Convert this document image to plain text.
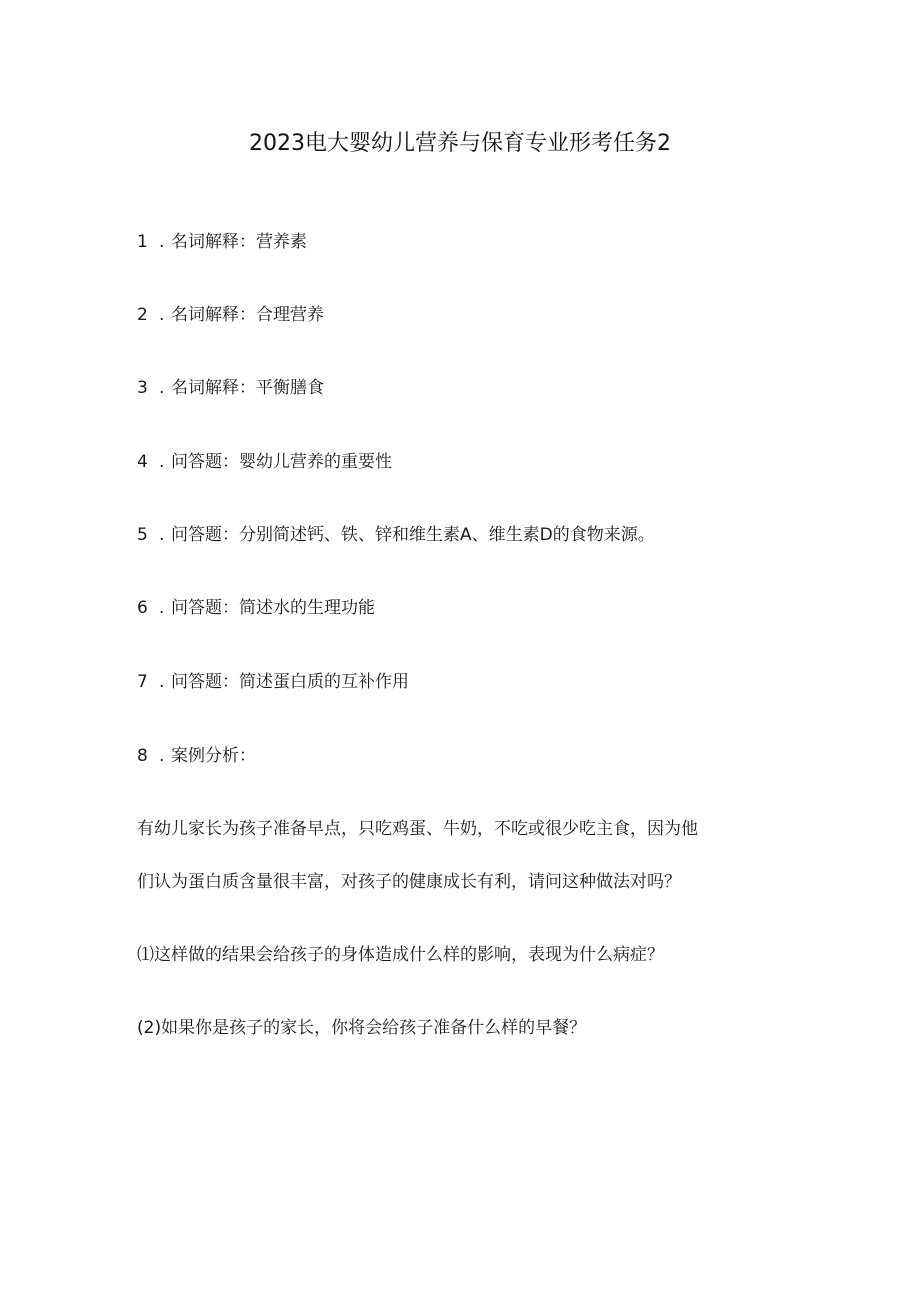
2023电大婴幼儿营养与保育专业形考任务2
1 . 名词解释：营养素
2 . 名词解释：合理营养
3 . 名词解释：平衡膳食
4 . 问答题：婴幼儿营养的重要性
5 . 问答题：分别简述钙、铁、锌和维生素A、维生素D的食物来源。
6 . 问答题：简述水的生理功能
7 . 问答题：简述蛋白质的互补作用
8 . 案例分析：
有幼儿家长为孩子准备早点，只吃鸡蛋、牛奶，不吃或很少吃主食，因为他
们认为蛋白质含量很丰富，对孩子的健康成长有利，请问这种做法对吗？
⑴这样做的结果会给孩子的身体造成什么样的影响，表现为什么病症？
(2)如果你是孩子的家长，你将会给孩子准备什么样的早餐？
